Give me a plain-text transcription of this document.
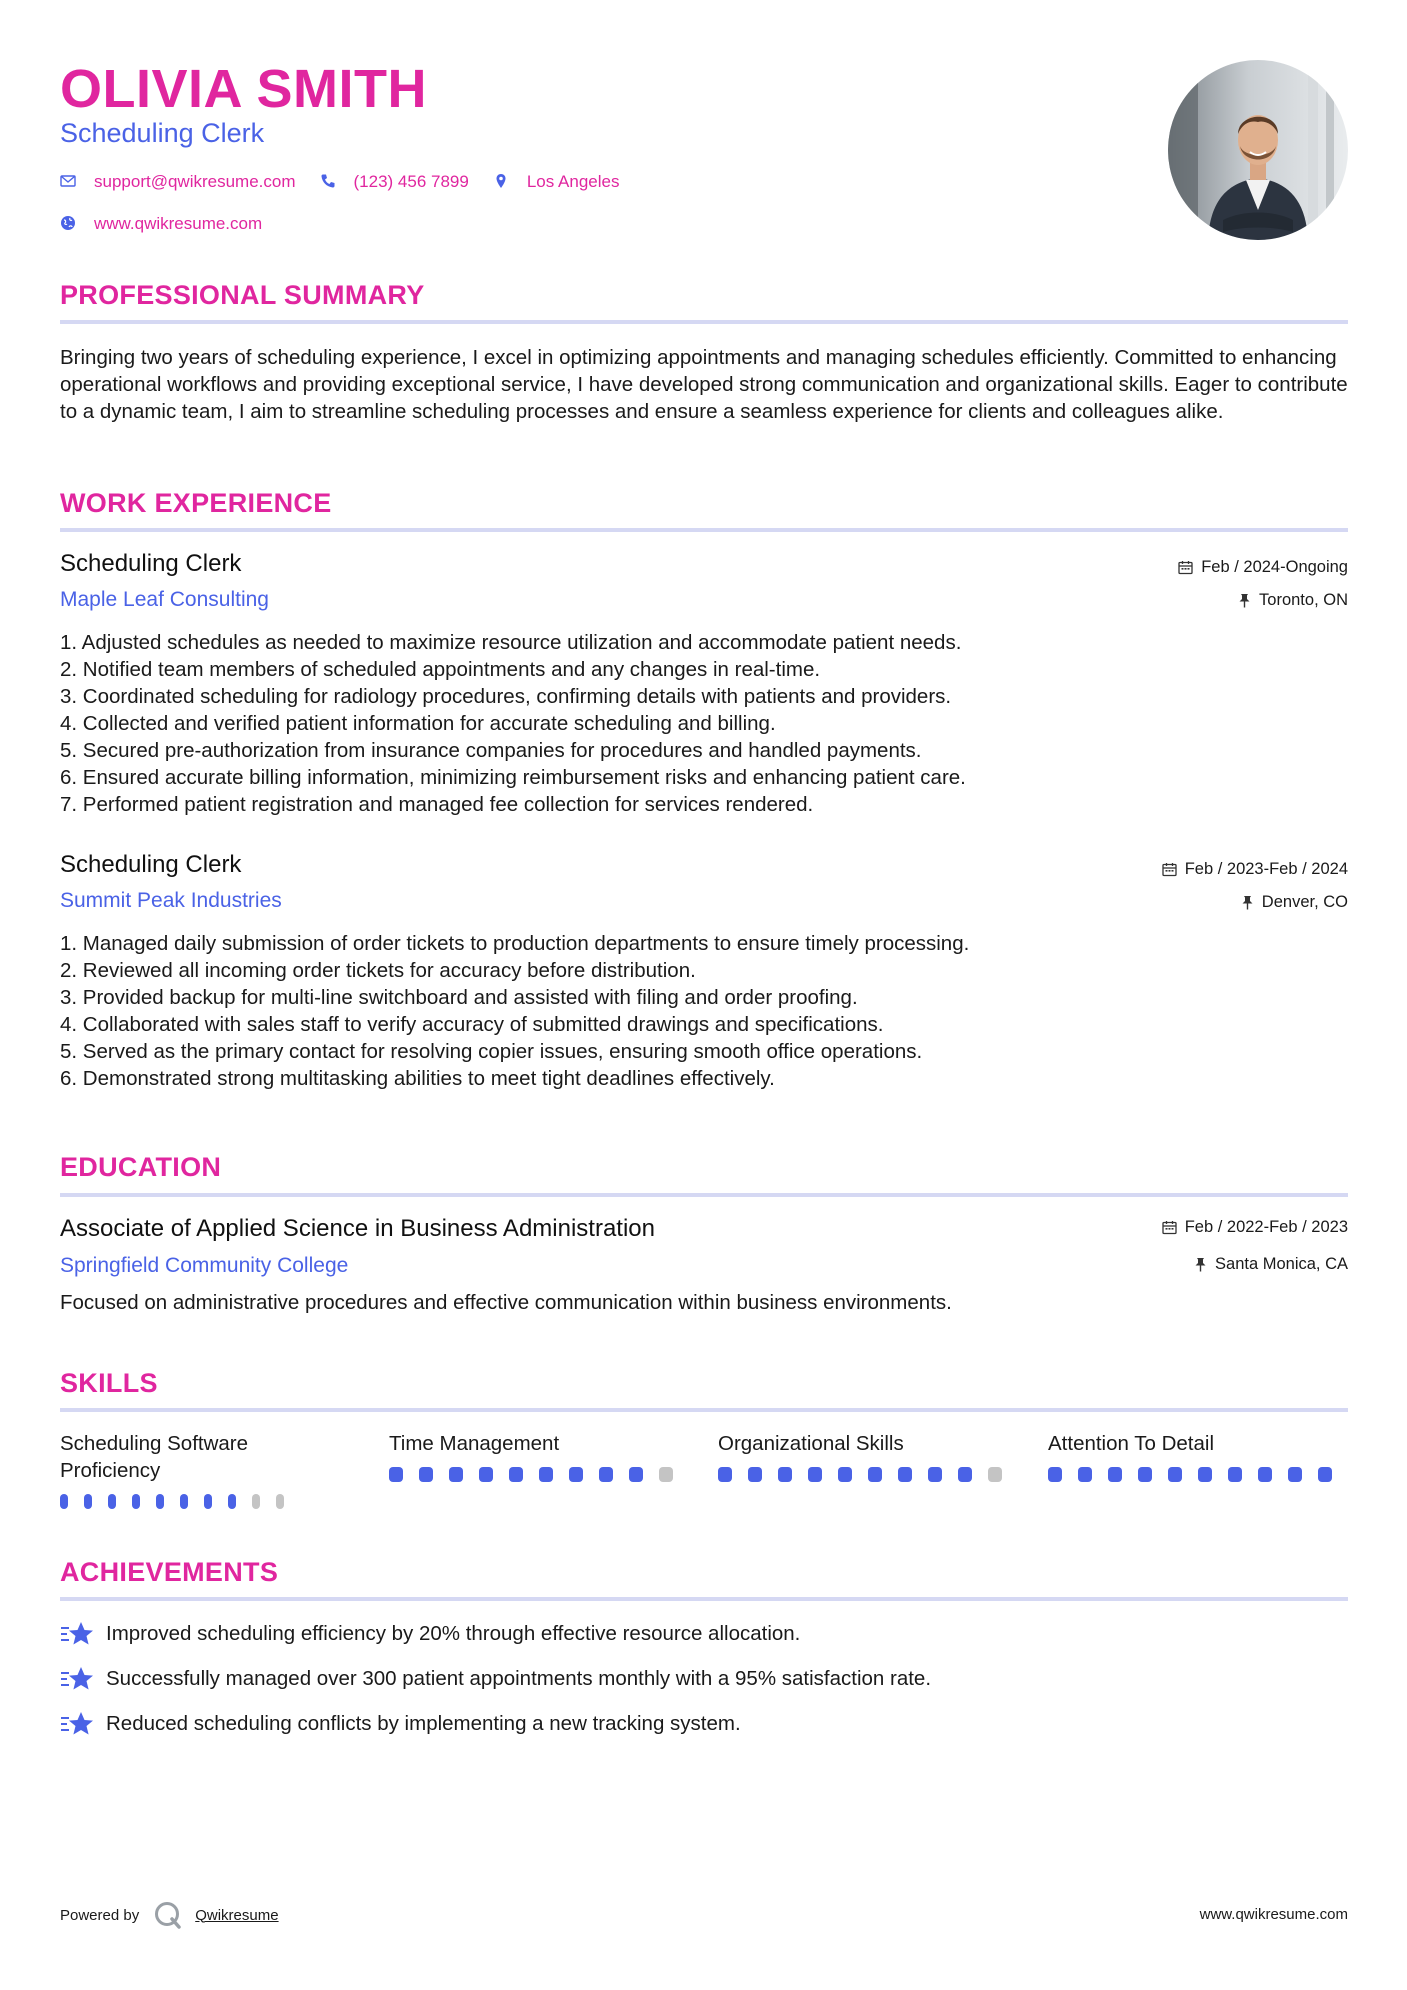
OLIVIA SMITH
Scheduling Clerk
support@qwikresume.com	(123) 456 7899	Los Angeles
www.qwikresume.com
PROFESSIONAL SUMMARY
Bringing two years of scheduling experience, I excel in optimizing appointments and managing schedules efficiently. Committed to enhancing operational workflows and providing exceptional service, I have developed strong communication and organizational skills. Eager to contribute to a dynamic team, I aim to streamline scheduling processes and ensure a seamless experience for clients and colleagues alike.
WORK EXPERIENCE
Scheduling Clerk	Feb / 2024-Ongoing
Maple Leaf Consulting	Toronto, ON
1. Adjusted schedules as needed to maximize resource utilization and accommodate patient needs.
2. Notified team members of scheduled appointments and any changes in real-time.
3. Coordinated scheduling for radiology procedures, confirming details with patients and providers.
4. Collected and verified patient information for accurate scheduling and billing.
5. Secured pre-authorization from insurance companies for procedures and handled payments.
6. Ensured accurate billing information, minimizing reimbursement risks and enhancing patient care.
7. Performed patient registration and managed fee collection for services rendered.
Scheduling Clerk	Feb / 2023-Feb / 2024
Summit Peak Industries	Denver, CO
1. Managed daily submission of order tickets to production departments to ensure timely processing.
2. Reviewed all incoming order tickets for accuracy before distribution.
3. Provided backup for multi-line switchboard and assisted with filing and order proofing.
4. Collaborated with sales staff to verify accuracy of submitted drawings and specifications.
5. Served as the primary contact for resolving copier issues, ensuring smooth office operations.
6. Demonstrated strong multitasking abilities to meet tight deadlines effectively.
EDUCATION
Associate of Applied Science in Business Administration	Feb / 2022-Feb / 2023
Springfield Community College	Santa Monica, CA
Focused on administrative procedures and effective communication within business environments.
SKILLS
Scheduling Software Proficiency
Time Management	Organizational Skills	Attention To Detail
ACHIEVEMENTS
Improved scheduling efficiency by 20% through effective resource allocation.
Successfully managed over 300 patient appointments monthly with a 95% satisfaction rate.
Reduced scheduling conflicts by implementing a new tracking system.
Powered by	Qwikresume	www.qwikresume.com
